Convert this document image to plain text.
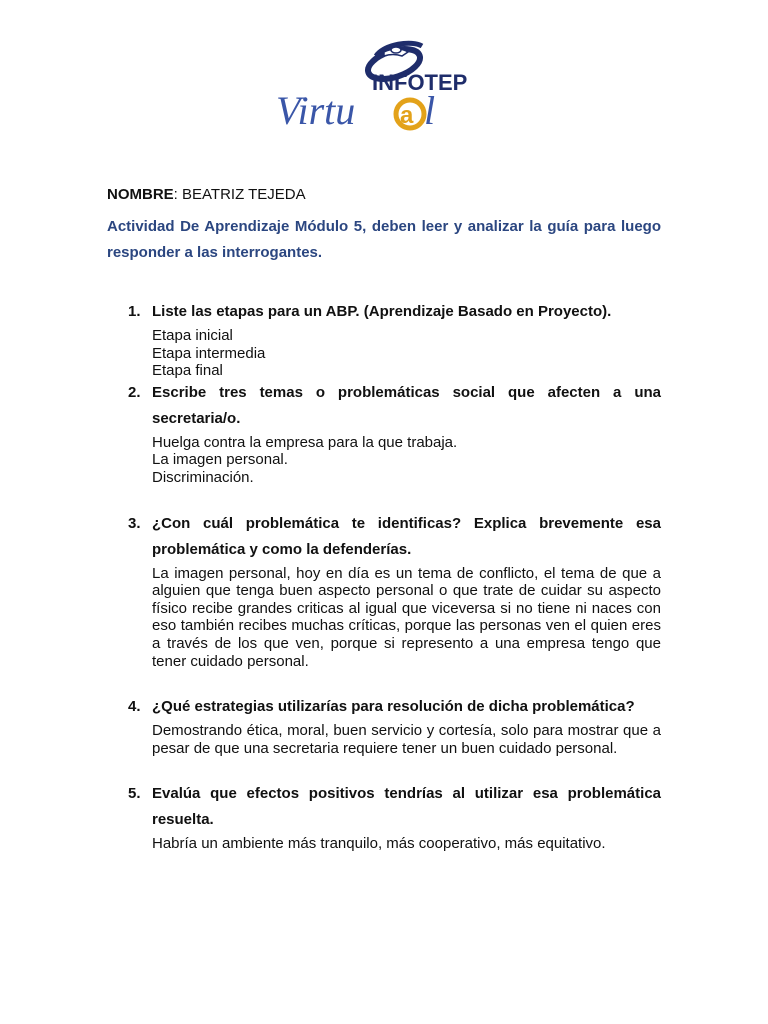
INFOTEP
Virtu a l

NOMBRE: BEATRIZ TEJEDA

Actividad De Aprendizaje Módulo 5, deben leer y analizar la guía para luego responder a las interrogantes.

1. Liste las etapas para un ABP. (Aprendizaje Basado en Proyecto).

Etapa inicial
Etapa intermedia
Etapa final
2. Escribe tres temas o problemáticas social que afecten a una secretaria/o.

Huelga contra la empresa para la que trabaja.
La imagen personal.
Discriminación.
3. ¿Con cuál problemática te identificas? Explica brevemente esa problemática y como la defenderías.

La imagen personal, hoy en día es un tema de conflicto, el tema de que a alguien que tenga buen aspecto personal o que trate de cuidar su aspecto físico recibe grandes criticas al igual que viceversa si no tiene ni naces con eso también recibes muchas críticas, porque las personas ven el quien eres a través de los que ven, porque si represento a una empresa tengo que tener cuidado personal.

4. ¿Qué estrategias utilizarías para resolución de dicha problemática?

Demostrando ética, moral, buen servicio y cortesía, solo para mostrar que a pesar de que una secretaria requiere tener un buen cuidado personal.

5. Evalúa que efectos positivos tendrías al utilizar esa problemática resuelta.

Habría un ambiente más tranquilo, más cooperativo, más equitativo.
